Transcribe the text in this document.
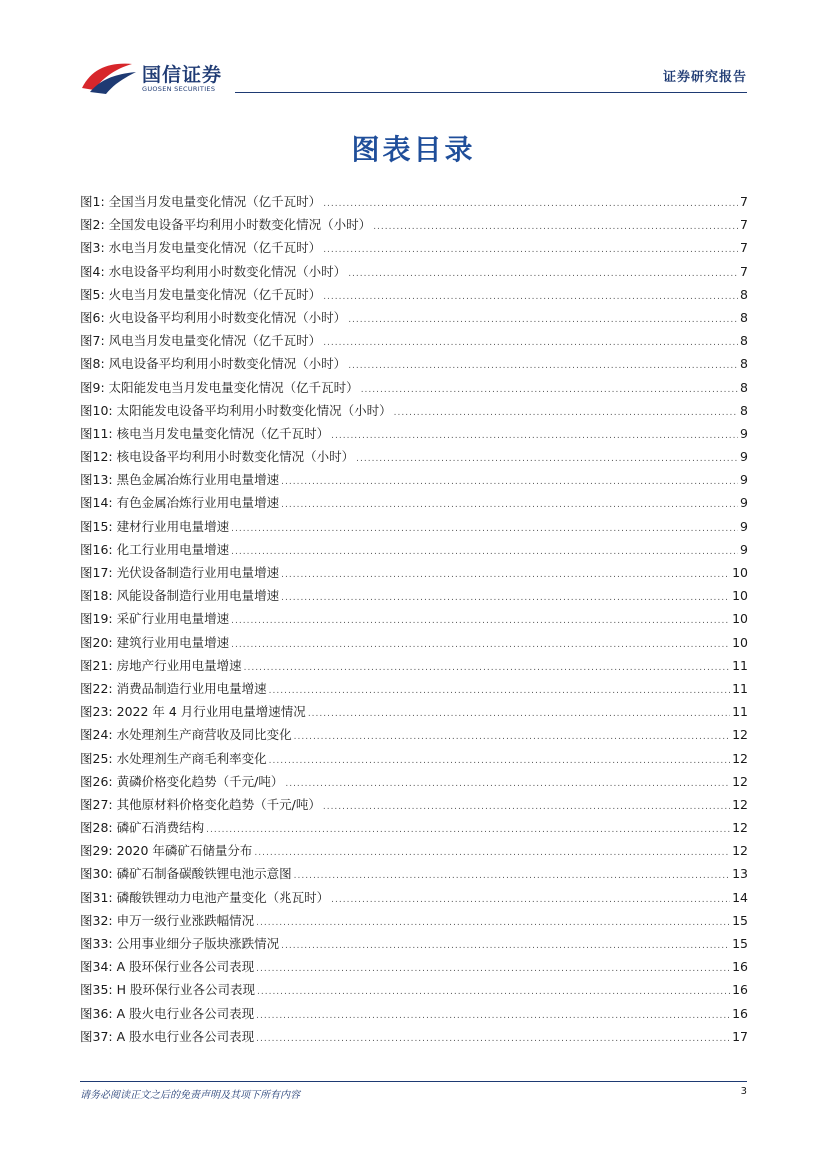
国信证券
GUOSEN SECURITIES
证券研究报告
图表目录
图1: 全国当月发电量变化情况（亿千瓦时） .....	7
图2: 全国发电设备平均利用小时数变化情况（小时） .....	7
图3: 水电当月发电量变化情况（亿千瓦时） .....	7
图4: 水电设备平均利用小时数变化情况（小时） .....	7
图5: 火电当月发电量变化情况（亿千瓦时） .....	8
图6: 火电设备平均利用小时数变化情况（小时） .....	8
图7: 风电当月发电量变化情况（亿千瓦时） .....	8
图8: 风电设备平均利用小时数变化情况（小时） .....	8
图9: 太阳能发电当月发电量变化情况（亿千瓦时） .....	8
图10: 太阳能发电设备平均利用小时数变化情况（小时） .....	8
图11: 核电当月发电量变化情况（亿千瓦时） .....	9
图12: 核电设备平均利用小时数变化情况（小时） .....	9
图13: 黑色金属冶炼行业用电量增速 .....	9
图14: 有色金属冶炼行业用电量增速 .....	9
图15: 建材行业用电量增速 .....	9
图16: 化工行业用电量增速 .....	9
图17: 光伏设备制造行业用电量增速 .....	10
图18: 风能设备制造行业用电量增速 .....	10
图19: 采矿行业用电量增速 .....	10
图20: 建筑行业用电量增速 .....	10
图21: 房地产行业用电量增速 .....	11
图22: 消费品制造行业用电量增速 .....	11
图23: 2022 年 4 月行业用电量增速情况 .....	11
图24: 水处理剂生产商营收及同比变化 .....	12
图25: 水处理剂生产商毛利率变化 .....	12
图26: 黄磷价格变化趋势（千元/吨） .....	12
图27: 其他原材料价格变化趋势（千元/吨） .....	12
图28: 磷矿石消费结构 .....	12
图29: 2020 年磷矿石储量分布 .....	12
图30: 磷矿石制备碳酸铁锂电池示意图 .....	13
图31: 磷酸铁锂动力电池产量变化（兆瓦时） .....	14
图32: 申万一级行业涨跌幅情况 .....	15
图33: 公用事业细分子版块涨跌情况 .....	15
图34: A 股环保行业各公司表现 .....	16
图35: H 股环保行业各公司表现 .....	16
图36: A 股火电行业各公司表现 .....	16
图37: A 股水电行业各公司表现 .....	17
请务必阅读正文之后的免责声明及其项下所有内容	3
